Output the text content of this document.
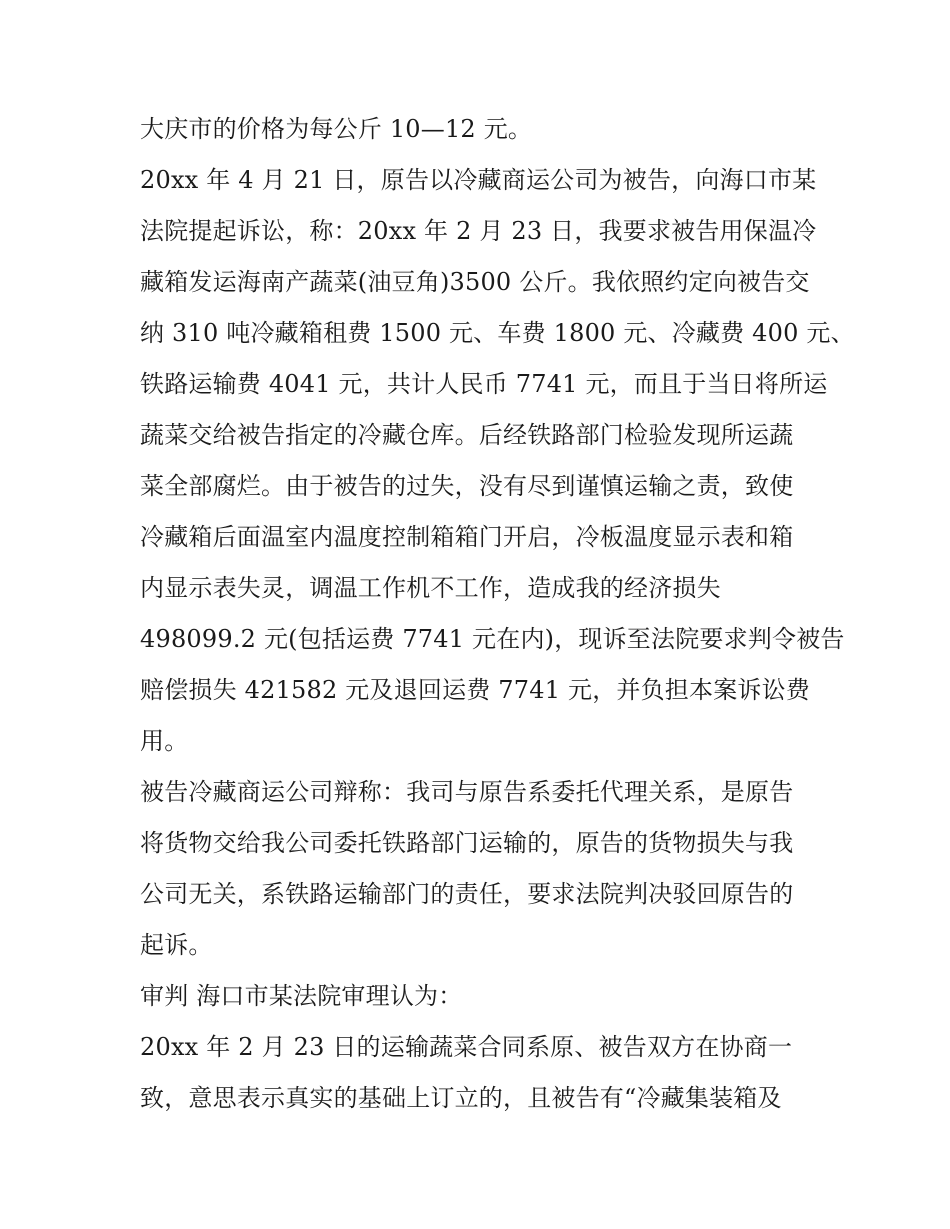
大庆市的价格为每公斤 10—12 元。
20xx 年 4 月 21 日，原告以冷藏商运公司为被告，向海口市某
法院提起诉讼，称：20xx 年 2 月 23 日，我要求被告用保温冷
藏箱发运海南产蔬菜(油豆角)3500 公斤。我依照约定向被告交
纳 310 吨冷藏箱租费 1500 元、车费 1800 元、冷藏费 400 元、
铁路运输费 4041 元，共计人民币 7741 元，而且于当日将所运
蔬菜交给被告指定的冷藏仓库。后经铁路部门检验发现所运蔬
菜全部腐烂。由于被告的过失，没有尽到谨慎运输之责，致使
冷藏箱后面温室内温度控制箱箱门开启，冷板温度显示表和箱
内显示表失灵，调温工作机不工作，造成我的经济损失
498099.2 元(包括运费 7741 元在内)，现诉至法院要求判令被告
赔偿损失 421582 元及退回运费 7741 元，并负担本案诉讼费
用。
被告冷藏商运公司辩称：我司与原告系委托代理关系，是原告
将货物交给我公司委托铁路部门运输的，原告的货物损失与我
公司无关，系铁路运输部门的责任，要求法院判决驳回原告的
起诉。
审判 海口市某法院审理认为：
20xx 年 2 月 23 日的运输蔬菜合同系原、被告双方在协商一
致，意思表示真实的基础上订立的，且被告有“冷藏集装箱及
